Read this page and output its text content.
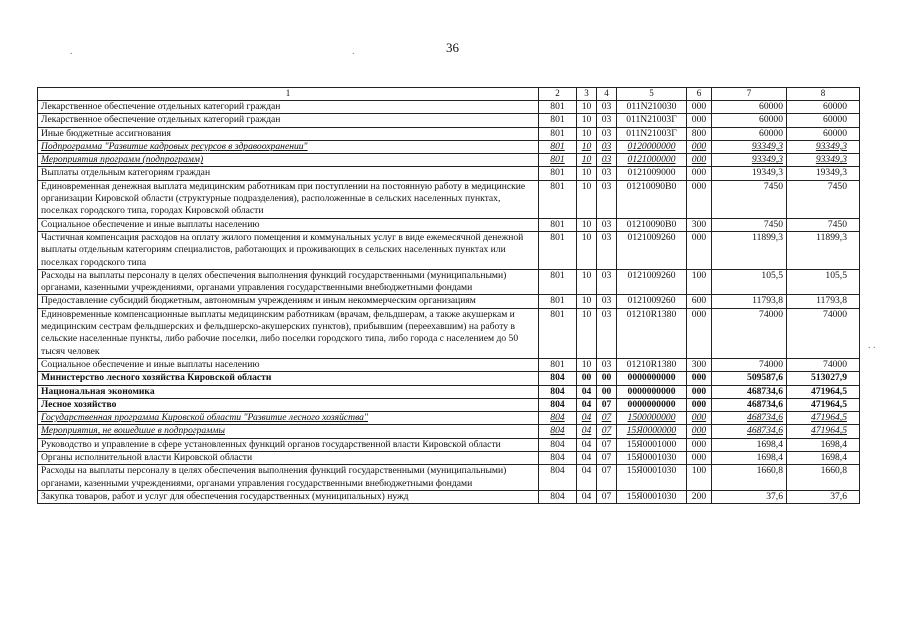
36
.	.
. .
1	2	3	4	5	6	7	8
Лекарственное обеспечение отдельных категорий граждан	801	10	03	011N210030	000	60000	60000
Лекарственное обеспечение отдельных категорий граждан	801	10	03	011N21003Г	000	60000	60000
Иные бюджетные ассигнования	801	10	03	011N21003Г	800	60000	60000
Подпрограмма "Развитие кадровых ресурсов в здравоохранении"	801	10	03	0120000000	000	93349,3	93349,3
Мероприятия программ (подпрограмм)	801	10	03	0121000000	000	93349,3	93349,3
Выплаты отдельным категориям граждан	801	10	03	0121009000	000	19349,3	19349,3
Единовременная денежная выплата медицинским работникам при поступлении на постоянную работу в медицинские организации Кировской области (структурные подразделения), расположенные в сельских населенных пунктах, поселках городского типа, городах Кировской области	801	10	03	01210090В0	000	7450	7450
Социальное обеспечение и иные выплаты населению	801	10	03	01210090В0	300	7450	7450
Частичная компенсация расходов на оплату жилого помещения и коммунальных услуг в виде ежемесячной денежной выплаты отдельным категориям специалистов, работающих и проживающих в сельских населенных пунктах или поселках городского типа	801	10	03	0121009260	000	11899,3	11899,3
Расходы на выплаты персоналу в целях обеспечения выполнения функций государственными (муниципальными) органами, казенными учреждениями, органами управления государственными внебюджетными фондами	801	10	03	0121009260	100	105,5	105,5
Предоставление субсидий бюджетным, автономным учреждениям и иным некоммерческим организациям	801	10	03	0121009260	600	11793,8	11793,8
Единовременные компенсационные выплаты медицинским работникам (врачам, фельдшерам, а также акушеркам и медицинским сестрам фельдшерских и фельдшерско-акушерских пунктов), прибывшим (переехавшим) на работу в сельские населенные пункты, либо рабочие поселки, либо поселки городского типа, либо города с населением до 50 тысяч человек	801	10	03	01210R1380	000	74000	74000
Социальное обеспечение и иные выплаты населению	801	10	03	01210R1380	300	74000	74000
Министерство лесного хозяйства Кировской области	804	00	00	0000000000	000	509587,6	513027,9
Национальная экономика	804	04	00	0000000000	000	468734,6	471964,5
Лесное хозяйство	804	04	07	0000000000	000	468734,6	471964,5
Государственная программа Кировской области "Развитие лесного хозяйства"	804	04	07	1500000000	000	468734,6	471964,5
Мероприятия, не вошедшие в подпрограммы	804	04	07	15Я0000000	000	468734,6	471964,5
Руководство и управление в сфере установленных функций органов государственной власти Кировской области	804	04	07	15Я0001000	000	1698,4	1698,4
Органы исполнительной власти Кировской области	804	04	07	15Я0001030	000	1698,4	1698,4
Расходы на выплаты персоналу в целях обеспечения выполнения функций государственными (муниципальными) органами, казенными учреждениями, органами управления государственными внебюджетными фондами	804	04	07	15Я0001030	100	1660,8	1660,8
Закупка товаров, работ и услуг для обеспечения государственных (муниципальных) нужд	804	04	07	15Я0001030	200	37,6	37,6
